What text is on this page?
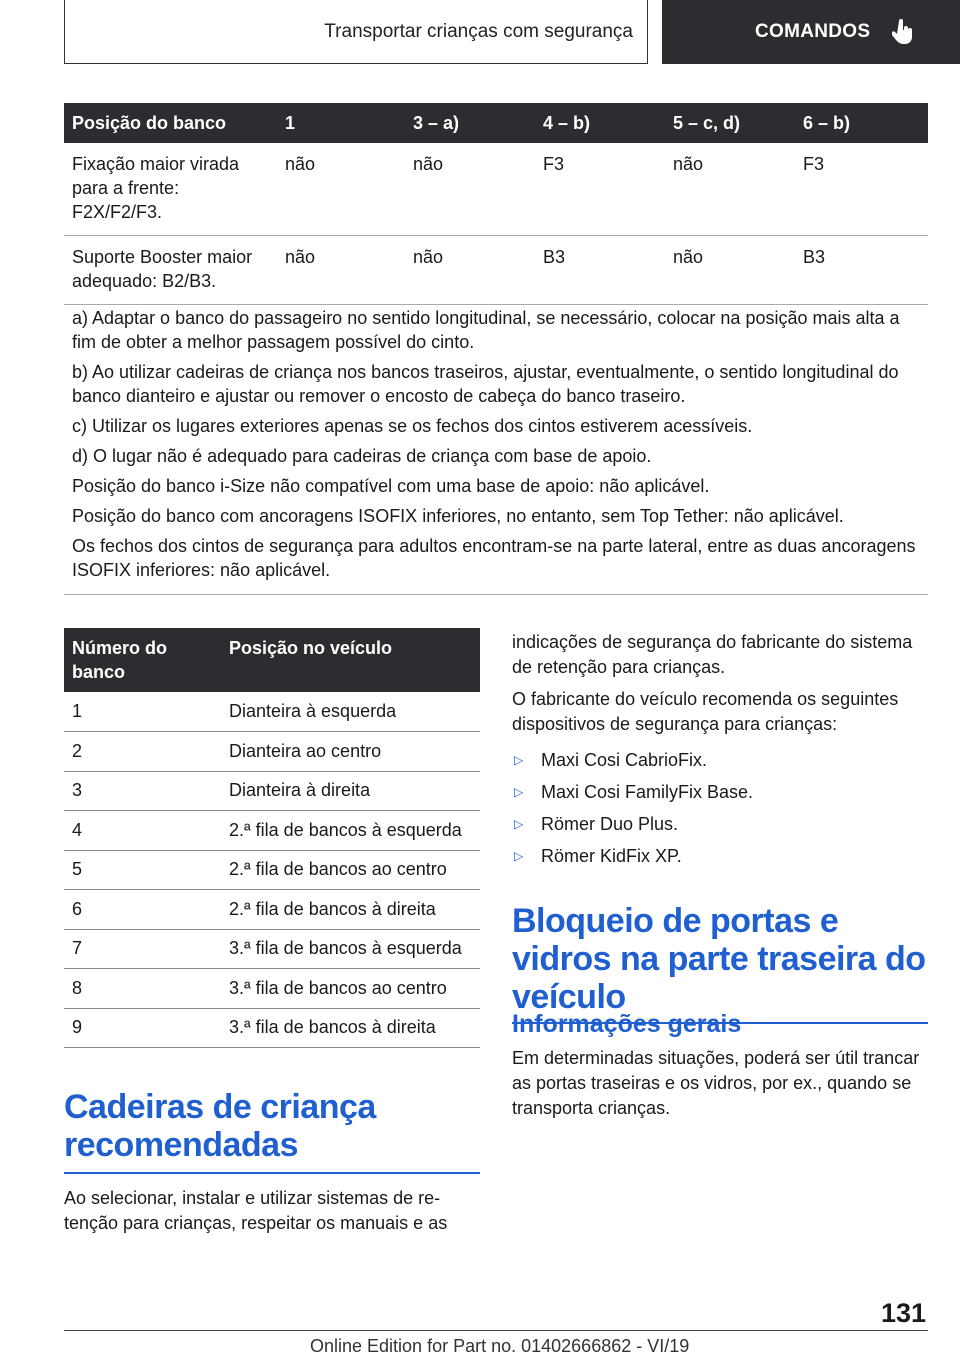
Transportar crianças com segurança	COMANDOS
Posição do banco	1	3 – a)	4 – b)	5 – c, d)	6 – b)
Fixação maior virada para a frente: F2X/F2/F3.	não	não	F3	não	F3
Suporte Booster maior adequado: B2/B3.	não	não	B3	não	B3

a) Adaptar o banco do passageiro no sentido longitudinal, se necessário, colocar na posição mais alta a fim de obter a melhor passagem possível do cinto.

b) Ao utilizar cadeiras de criança nos bancos traseiros, ajustar, eventualmente, o sentido longitudinal do banco dianteiro e ajustar ou remover o encosto de cabeça do banco traseiro.

c) Utilizar os lugares exteriores apenas se os fechos dos cintos estiverem acessíveis.

d) O lugar não é adequado para cadeiras de criança com base de apoio.

Posição do banco i-Size não compatível com uma base de apoio: não aplicável.

Posição do banco com ancoragens ISOFIX inferiores, no entanto, sem Top Tether: não aplicável.

Os fechos dos cintos de segurança para adultos encontram-se na parte lateral, entre as duas ancoragens ISOFIX inferiores: não aplicável.

Número do banco	Posição no veículo
1	Dianteira à esquerda
2	Dianteira ao centro
3	Dianteira à direita
4	2.ª fila de bancos à esquerda
5	2.ª fila de bancos ao centro
6	2.ª fila de bancos à direita
7	3.ª fila de bancos à esquerda
8	3.ª fila de bancos ao centro
9	3.ª fila de bancos à direita
Cadeiras de criança recomendadas
Ao selecionar, instalar e utilizar sistemas de retenção para crianças, respeitar os manuais e as

indicações de segurança do fabricante do sistema de retenção para crianças.

O fabricante do veículo recomenda os seguintes dispositivos de segurança para crianças:

▷ Maxi Cosi CabrioFix.
▷ Maxi Cosi FamilyFix Base.
▷ Römer Duo Plus.
▷ Römer KidFix XP.
Bloqueio de portas e vidros na parte traseira do veículo
Informações gerais
Em determinadas situações, poderá ser útil trancar as portas traseiras e os vidros, por ex., quando se transporta crianças.
131
Online Edition for Part no. 01402666862 - VI/19
